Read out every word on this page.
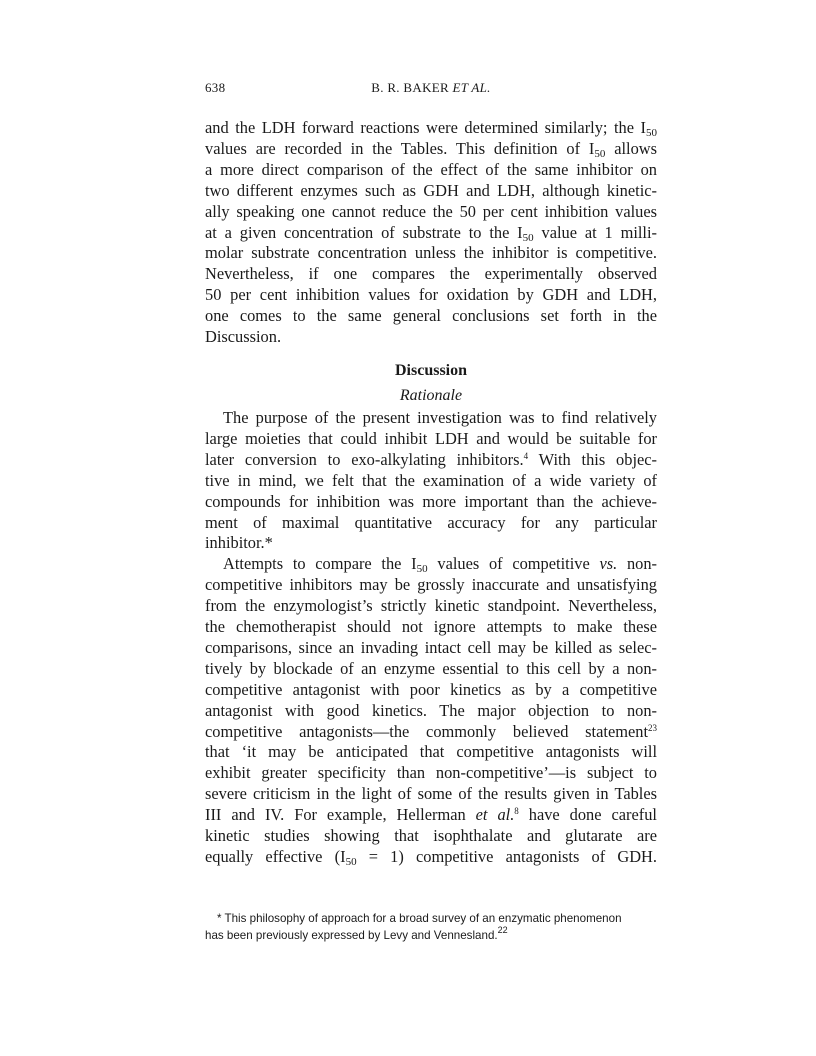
638	B. R. BAKER ET AL.

and the LDH forward reactions were determined similarly; the $I_{50}$
values are recorded in the Tables. This definition of $I_{50}$ allows
a more direct comparison of the effect of the same inhibitor on
two different enzymes such as GDH and LDH, although kinetic-
ally speaking one cannot reduce the 50 per cent inhibition values
at a given concentration of substrate to the $I_{50}$ value at 1 milli-
molar substrate concentration unless the inhibitor is competitive.
Nevertheless, if one compares the experimentally observed
50 per cent inhibition values for oxidation by GDH and LDH,
one comes to the same general conclusions set forth in the
Discussion.

Discussion
Rationale

The purpose of the present investigation was to find relatively
large moieties that could inhibit LDH and would be suitable for
later conversion to exo-alkylating inhibitors.$^4$ With this objec-
tive in mind, we felt that the examination of a wide variety of
compounds for inhibition was more important than the achieve-
ment of maximal quantitative accuracy for any particular
inhibitor.*

Attempts to compare the $I_{50}$ values of competitive vs. non-
competitive inhibitors may be grossly inaccurate and unsatisfying
from the enzymologist’s strictly kinetic standpoint. Nevertheless,
the chemotherapist should not ignore attempts to make these
comparisons, since an invading intact cell may be killed as selec-
tively by blockade of an enzyme essential to this cell by a non-
competitive antagonist with poor kinetics as by a competitive
antagonist with good kinetics. The major objection to non-
competitive antagonists—the commonly believed statement$^{23}$
that ‘it may be anticipated that competitive antagonists will
exhibit greater specificity than non-competitive’—is subject to
severe criticism in the light of some of the results given in Tables
III and IV. For example, Hellerman et al.$^8$ have done careful
kinetic studies showing that isophthalate and glutarate are
equally effective $(I_{50} = 1)$ competitive antagonists of GDH.

* This philosophy of approach for a broad survey of an enzymatic phenomenon
has been previously expressed by Levy and Vennesland.$^{22}$
